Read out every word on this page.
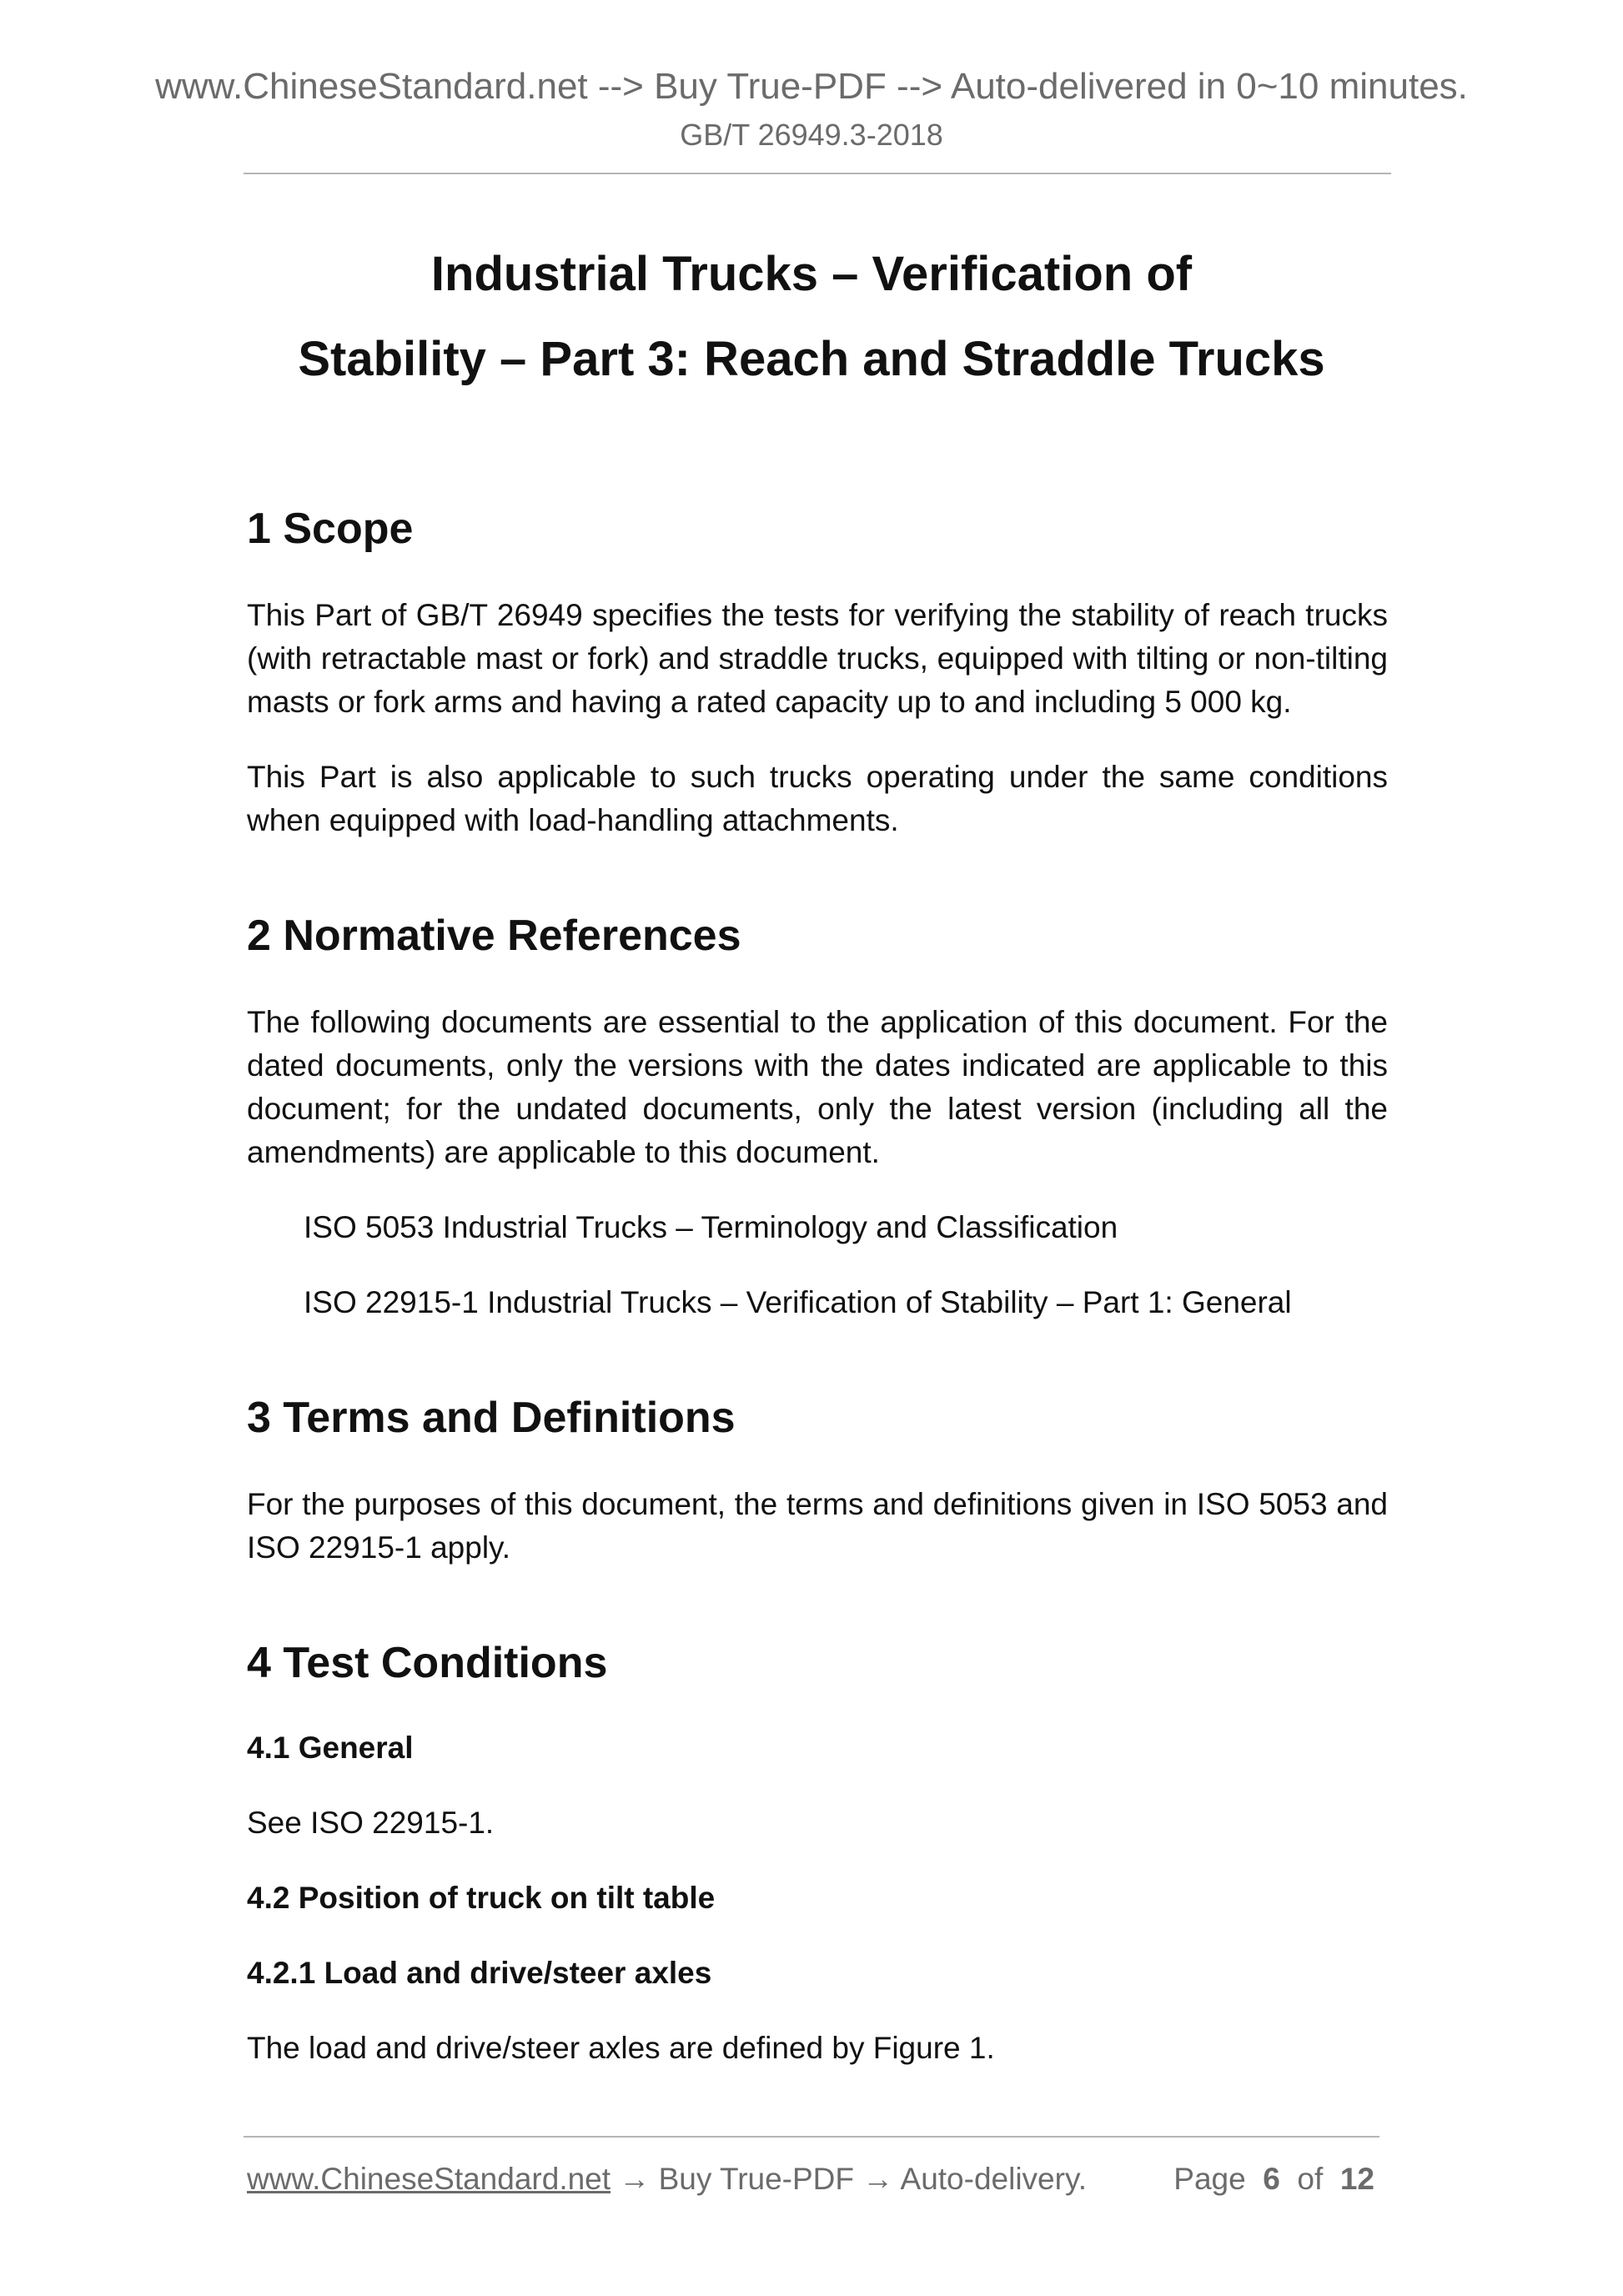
www.ChineseStandard.net --> Buy True-PDF --> Auto-delivered in 0~10 minutes.
GB/T 26949.3-2018
Industrial Trucks – Verification of
Stability – Part 3: Reach and Straddle Trucks
1 Scope

This Part of GB/T 26949 specifies the tests for verifying the stability of reach trucks (with retractable mast or fork) and straddle trucks, equipped with tilting or non-tilting masts or fork arms and having a rated capacity up to and including 5 000 kg.

This Part is also applicable to such trucks operating under the same conditions when equipped with load-handling attachments.

2 Normative References

The following documents are essential to the application of this document. For the dated documents, only the versions with the dates indicated are applicable to this document; for the undated documents, only the latest version (including all the amendments) are applicable to this document.

ISO 5053 Industrial Trucks – Terminology and Classification

ISO 22915-1 Industrial Trucks – Verification of Stability – Part 1: General

3 Terms and Definitions

For the purposes of this document, the terms and definitions given in ISO 5053 and ISO 22915-1 apply.

4 Test Conditions
4.1 General

See ISO 22915-1.

4.2 Position of truck on tilt table
4.2.1 Load and drive/steer axles

The load and drive/steer axles are defined by Figure 1.

www.ChineseStandard.net → Buy True-PDF → Auto-delivery.	Page 6 of 12
